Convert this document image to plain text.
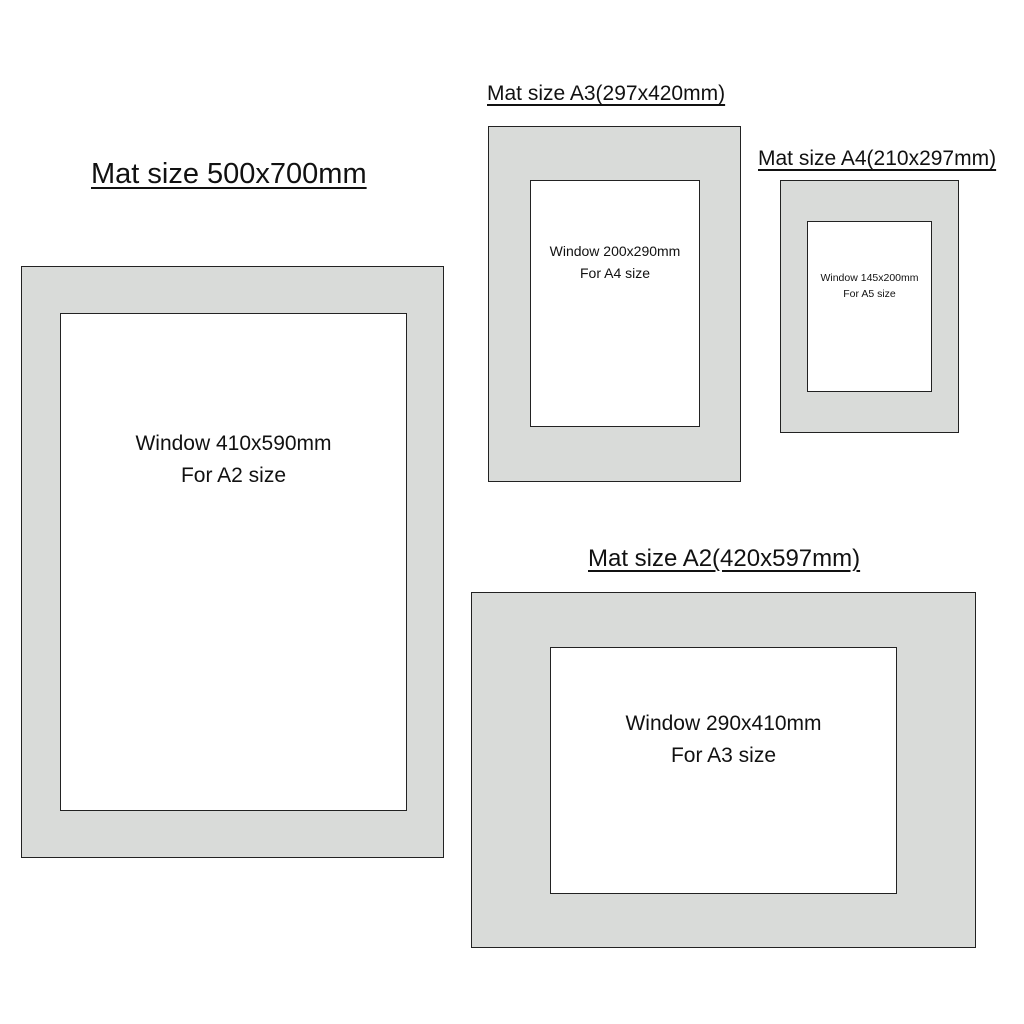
Mat size 500x700mm
Window 410x590mm
For A2 size
Mat size A3(297x420mm)
Window 200x290mm
For A4 size
Mat size A4(210x297mm)
Window 145x200mm
For A5 size
Mat size A2(420x597mm)
Window 290x410mm
For A3 size
